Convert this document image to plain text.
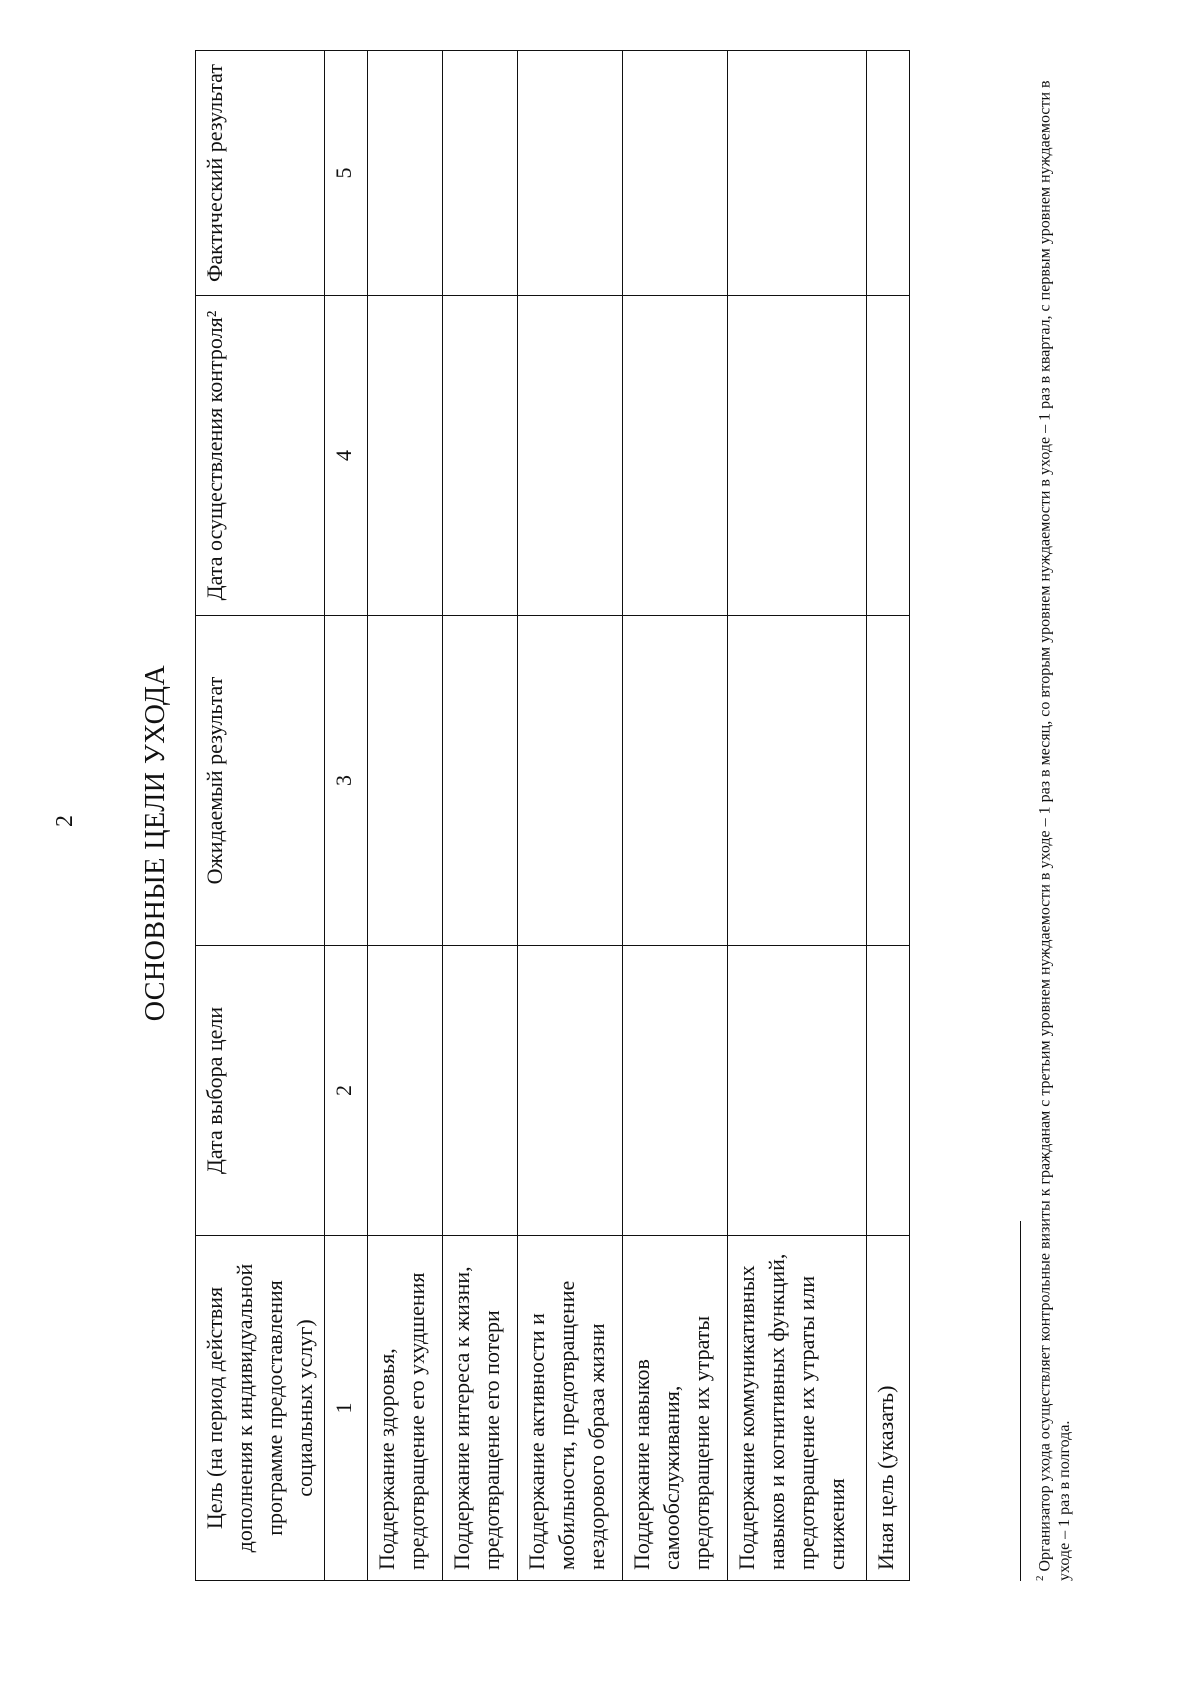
2 ОСНОВНЫЕ ЦЕЛИ УХОДА
Цель (на период действия дополнения к индивидуальной программе предоставления социальных услуг)	Дата выбора цели	Ожидаемый результат	Дата осуществления контроля²	Фактический результат
1	2	3	4	5
Поддержание здоровья, предотвращение его ухудшения				
Поддержание интереса к жизни, предотвращение его потери				
Поддержание активности и мобильности, предотвращение нездорового образа жизни				
Поддержание навыков самообслуживания, предотвращение их утраты				
Поддержание коммуникативных навыков и когнитивных функций, предотвращение их утраты или снижения				
Иная цель (указать)				
$^2$ Организатор ухода осуществляет контрольные визиты к гражданам с третьим уровнем нуждаемости в уходе – 1 раз в месяц, со вторым уровнем нуждаемости в уходе – 1 раз в квартал, с первым уровнем нуждаемости в уходе – 1 раз в полгода.
